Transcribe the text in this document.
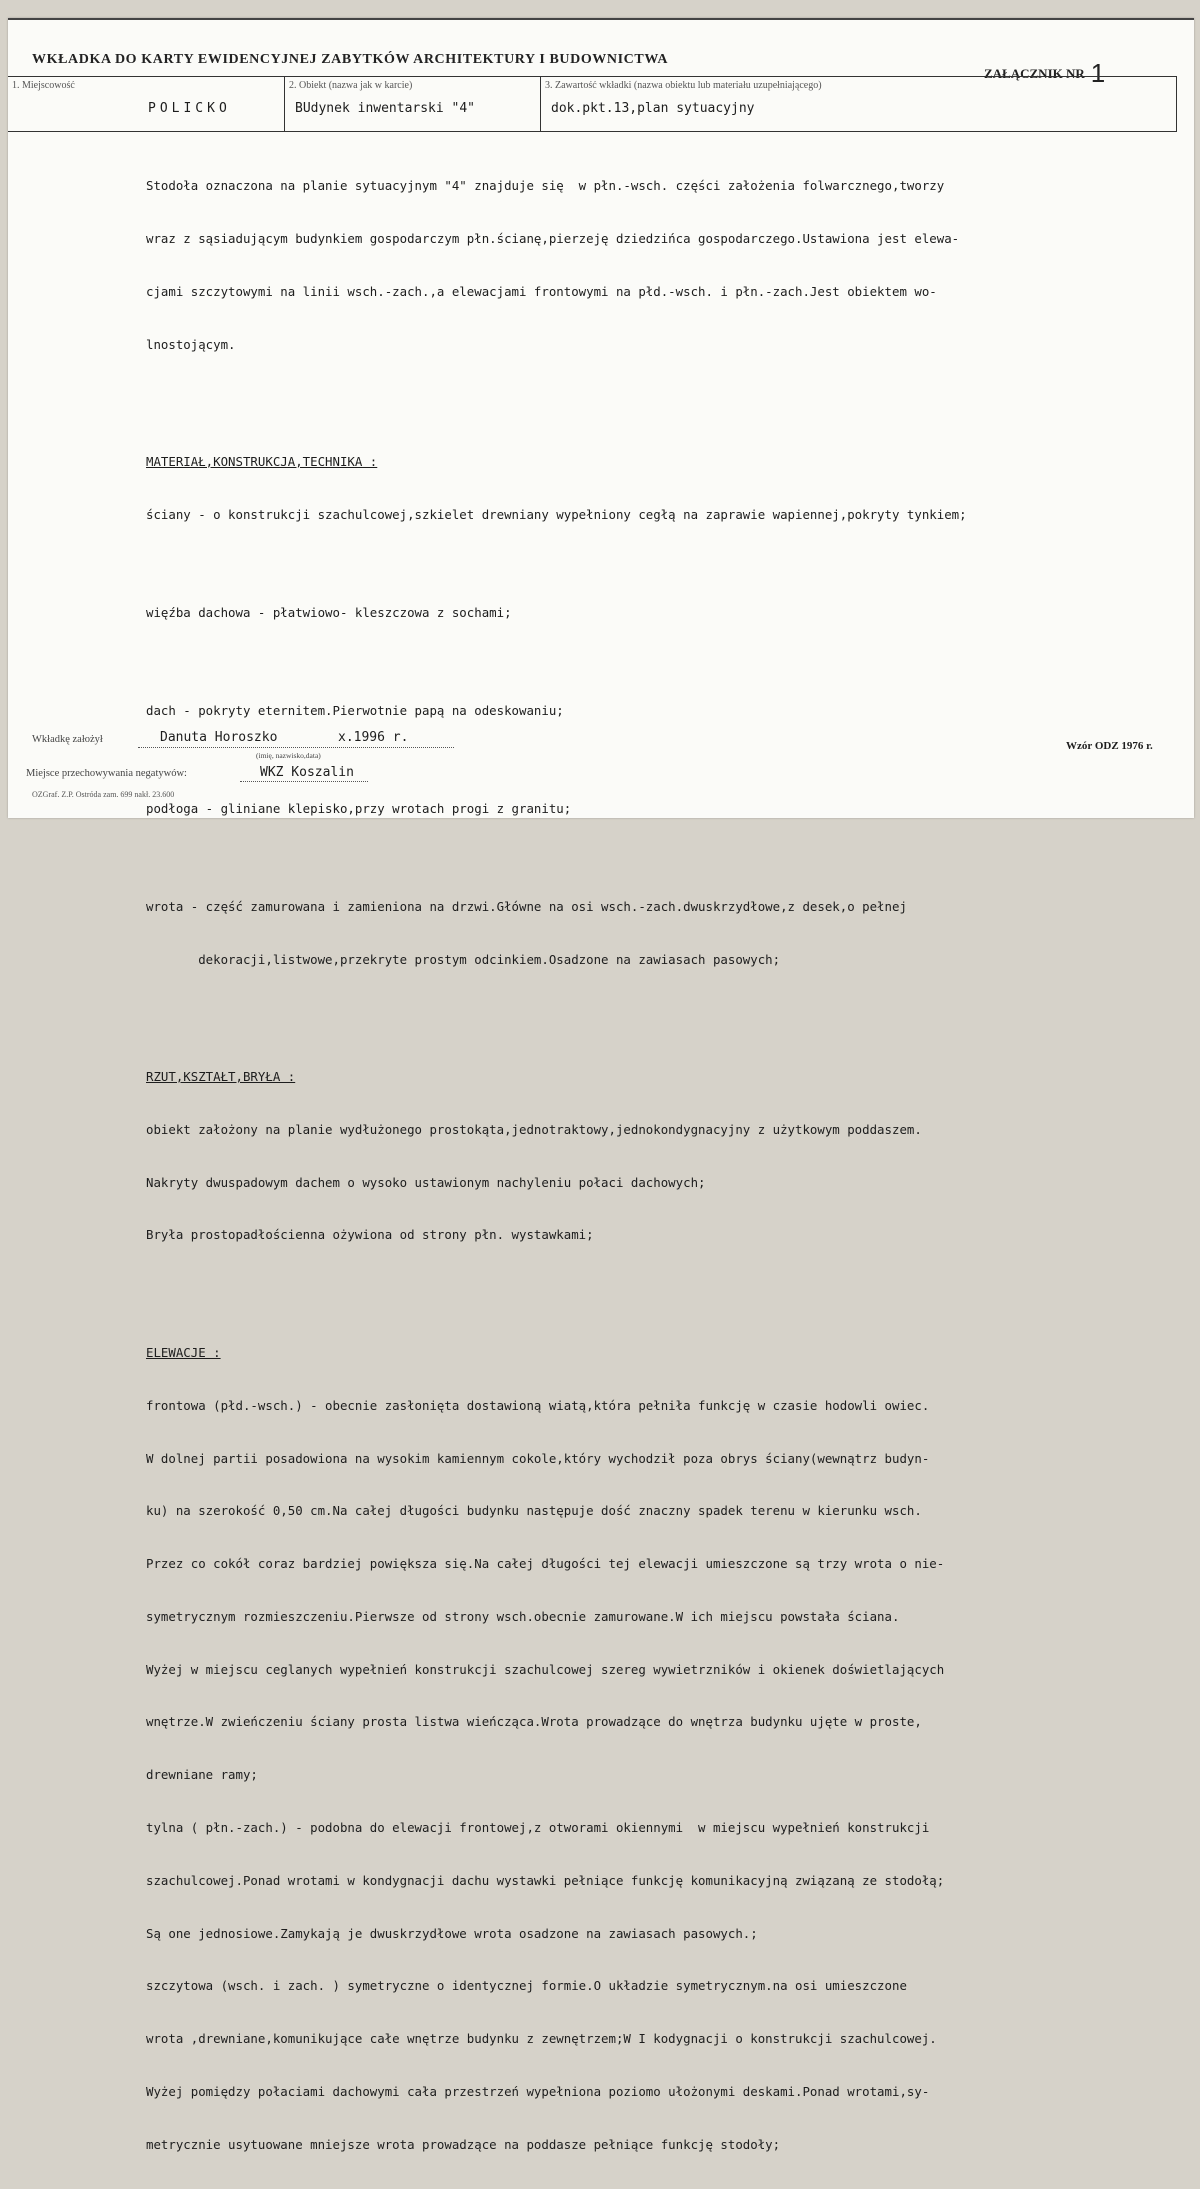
WKŁADKA DO KARTY EWIDENCYJNEJ ZABYTKÓW ARCHITEKTURY I BUDOWNICTWA
ZAŁĄCZNIK NR 1
1. Miejscowość
POLICKO
2. Obiekt (nazwa jak w karcie)
BUdynek inwentarski "4"
3. Zawartość wkładki (nazwa obiektu lub materiału uzupełniającego)
dok.pkt.13,plan sytuacyjny

Stodoła oznaczona na planie sytuacyjnym "4" znajduje się  w płn.-wsch. części założenia folwarcznego,tworzy

wraz z sąsiadującym budynkiem gospodarczym płn.ścianę,pierzeję dziedzińca gospodarczego.Ustawiona jest elewa-

cjami szczytowymi na linii wsch.-zach.,a elewacjami frontowymi na płd.-wsch. i płn.-zach.Jest obiektem wo-

lnostojącym.

MATERIAŁ,KONSTRUKCJA,TECHNIKA :

ściany - o konstrukcji szachulcowej,szkielet drewniany wypełniony cegłą na zaprawie wapiennej,pokryty tynkiem;

więźba dachowa - płatwiowo- kleszczowa z sochami;

dach - pokryty eternitem.Pierwotnie papą na odeskowaniu;

podłoga - gliniane klepisko,przy wrotach progi z granitu;

wrota - część zamurowana i zamieniona na drzwi.Główne na osi wsch.-zach.dwuskrzydłowe,z desek,o pełnej

dekoracji,listwowe,przekryte prostym odcinkiem.Osadzone na zawiasach pasowych;

RZUT,KSZTAŁT,BRYŁA :

obiekt założony na planie wydłużonego prostokąta,jednotraktowy,jednokondygnacyjny z użytkowym poddaszem.

Nakryty dwuspadowym dachem o wysoko ustawionym nachyleniu połaci dachowych;

Bryła prostopadłościenna ożywiona od strony płn. wystawkami;

ELEWACJE :

frontowa (płd.-wsch.) - obecnie zasłonięta dostawioną wiatą,która pełniła funkcję w czasie hodowli owiec.

W dolnej partii posadowiona na wysokim kamiennym cokole,który wychodził poza obrys ściany(wewnątrz budyn-

ku) na szerokość 0,50 cm.Na całej długości budynku następuje dość znaczny spadek terenu w kierunku wsch.

Przez co cokół coraz bardziej powiększa się.Na całej długości tej elewacji umieszczone są trzy wrota o nie-

symetrycznym rozmieszczeniu.Pierwsze od strony wsch.obecnie zamurowane.W ich miejscu powstała ściana.

Wyżej w miejscu ceglanych wypełnień konstrukcji szachulcowej szereg wywietrzników i okienek doświetlających

wnętrze.W zwieńczeniu ściany prosta listwa wieńcząca.Wrota prowadzące do wnętrza budynku ujęte w proste,

drewniane ramy;

tylna ( płn.-zach.) - podobna do elewacji frontowej,z otworami okiennymi  w miejscu wypełnień konstrukcji

szachulcowej.Ponad wrotami w kondygnacji dachu wystawki pełniące funkcję komunikacyjną związaną ze stodołą;

Są one jednosiowe.Zamykają je dwuskrzydłowe wrota osadzone na zawiasach pasowych.;

szczytowa (wsch. i zach. ) symetryczne o identycznej formie.O układzie symetrycznym.na osi umieszczone

wrota ,drewniane,komunikujące całe wnętrze budynku z zewnętrzem;W I kodygnacji o konstrukcji szachulcowej.

Wyżej pomiędzy połaciami dachowymi cała przestrzeń wypełniona poziomo ułożonymi deskami.Ponad wrotami,sy-

metrycznie usytuowane mniejsze wrota prowadzące na poddasze pełniące funkcję stodoły;

Wkładkę założył	Danuta Horoszko	x.1996 r.
(imię, nazwisko,data)
Wzór ODZ 1976 r.
Miejsce przechowywania negatywów:	WKZ Koszalin
OZGraf. Z.P. Ostróda zam. 699 nakł. 23.600
